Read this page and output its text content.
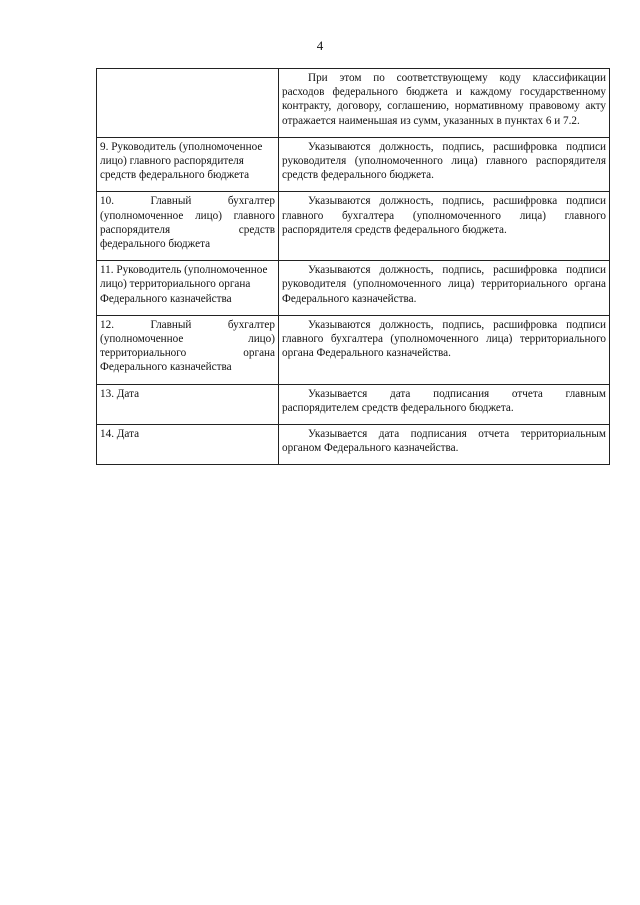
4
	При этом по соответствующему коду классификации расходов федерального бюджета и каждому государственному контракту, договору, соглашению, нормативному правовому акту отражается наименьшая из сумм, указанных в пунктах 6 и 7.2.
9. Руководитель (уполномоченное лицо) главного распорядителя средств федерального бюджета	Указываются должность, подпись, расшифровка подписи руководителя (уполномоченного лица) главного распорядителя средств федерального бюджета.
10. Главный бухгалтер (уполномоченное лицо) главного распорядителя средств федерального бюджета	Указываются должность, подпись, расшифровка подписи главного бухгалтера (уполномоченного лица) главного распорядителя средств федерального бюджета.
11. Руководитель (уполномоченное лицо) территориального органа Федерального казначейства	Указываются должность, подпись, расшифровка подписи руководителя (уполномоченного лица) территориального органа Федерального казначейства.
12. Главный бухгалтер (уполномоченное лицо) территориального органа Федерального казначейства	Указываются должность, подпись, расшифровка подписи главного бухгалтера (уполномоченного лица) территориального органа Федерального казначейства.
13. Дата	Указывается дата подписания отчета главным распорядителем средств федерального бюджета.
14. Дата	Указывается дата подписания отчета территориальным органом Федерального казначейства.
